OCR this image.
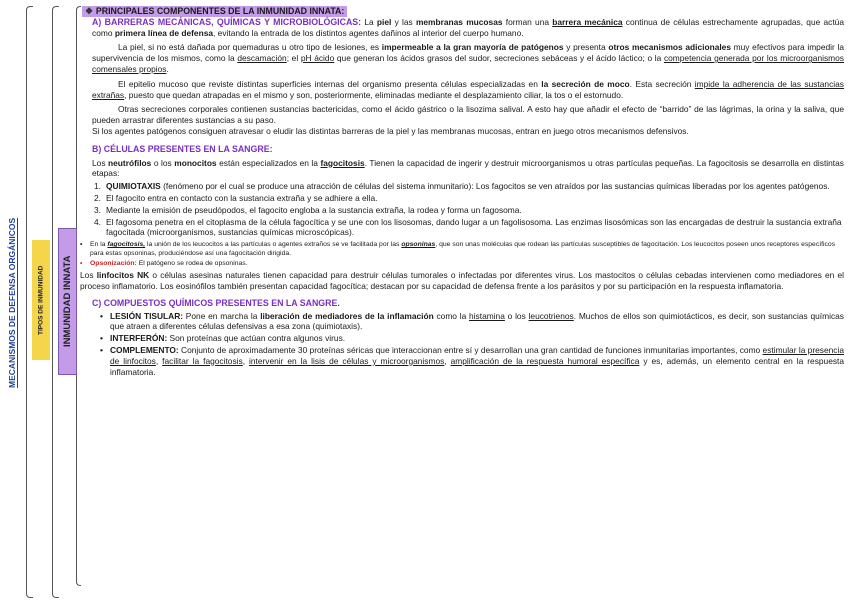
MECANISMOS DE DEFENSA ORGÁNICOS	TIPOS DE INMUNIDAD	INMUNIDAD INNATA
❖ PRINCIPALES COMPONENTES DE LA INMUNIDAD INNATA:

A) BARRERAS MECÁNICAS, QUÍMICAS Y MICROBIOLÓGICAS: La piel y las membranas mucosas forman una barrera mecánica continua de células estrechamente agrupadas, que actúa como primera línea de defensa, evitando la entrada de los distintos agentes dañinos al interior del cuerpo humano.

La piel, si no está dañada por quemaduras u otro tipo de lesiones, es impermeable a la gran mayoría de patógenos y presenta otros mecanismos adicionales muy efectivos para impedir la supervivencia de los mismos, como la descamación; el pH ácido que generan los ácidos grasos del sudor, secreciones sebáceas y el ácido láctico; o la competencia generada por los microorganismos comensales propios.

El epitelio mucoso que reviste distintas superficies internas del organismo presenta células especializadas en la secreción de moco. Esta secreción impide la adherencia de las sustancias extrañas, puesto que quedan atrapadas en el mismo y son, posteriormente, eliminadas mediante el desplazamiento ciliar, la tos o el estornudo.

Otras secreciones corporales contienen sustancias bactericidas, como el ácido gástrico o la lisozima salival. A esto hay que añadir el efecto de “barrido” de las lágrimas, la orina y la saliva, que pueden arrastrar diferentes sustancias a su paso.

Si los agentes patógenos consiguen atravesar o eludir las distintas barreras de la piel y las membranas mucosas, entran en juego otros mecanismos defensivos.

B) CÉLULAS PRESENTES EN LA SANGRE:

Los neutrófilos o los monocitos están especializados en la fagocitosis. Tienen la capacidad de ingerir y destruir microorganismos u otras partículas pequeñas. La fagocitosis se desarrolla en distintas etapas:

1. QUIMIOTAXIS (fenómeno por el cual se produce una atracción de células del sistema inmunitario): Los fagocitos se ven atraídos por las sustancias químicas liberadas por los agentes patógenos.
2. El fagocito entra en contacto con la sustancia extraña y se adhiere a ella.
3. Mediante la emisión de pseudópodos, el fagocito engloba a la sustancia extraña, la rodea y forma un fagosoma.
4. El fagosoma penetra en el citoplasma de la célula fagocítica y se une con los lisosomas, dando lugar a un fagolisosoma. Las enzimas lisosómicas son las encargadas de destruir la sustancia extraña fagocitada (microorganismos, sustancias químicas microscópicas).
•	En la fagocitosis, la unión de los leucocitos a las partículas o agentes extraños se ve facilitada por las opsoninas, que son unas moléculas que rodean las partículas susceptibles de fagocitación. Los leucocitos poseen unos receptores específicos para estas opsoninas, produciéndose así una fagocitación dirigida.
•	Opsonización: El patógeno se rodea de opsoninas.

Los linfocitos NK o células asesinas naturales tienen capacidad para destruir células tumorales o infectadas por diferentes virus. Los mastocitos o células cebadas intervienen como mediadores en el proceso inflamatorio. Los eosinófilos también presentan capacidad fagocítica; destacan por su capacidad de defensa frente a los parásitos y por su participación en la respuesta inflamatoria.

C) COMPUESTOS QUÍMICOS PRESENTES EN LA SANGRE.
• LESIÓN TISULAR: Pone en marcha la liberación de mediadores de la inflamación como la histamina o los leucotrienos. Muchos de ellos son quimiotácticos, es decir, son sustancias químicas que atraen a diferentes células defensivas a esa zona (quimiotaxis).
• INTERFERÓN: Son proteínas que actúan contra algunos virus.
• COMPLEMENTO: Conjunto de aproximadamente 30 proteínas séricas que interaccionan entre sí y desarrollan una gran cantidad de funciones inmunitarias importantes, como estimular la presencia de linfocitos, facilitar la fagocitosis, intervenir en la lisis de células y microorganismos, amplificación de la respuesta humoral específica y es, además, un elemento central en la respuesta inflamatoria.
